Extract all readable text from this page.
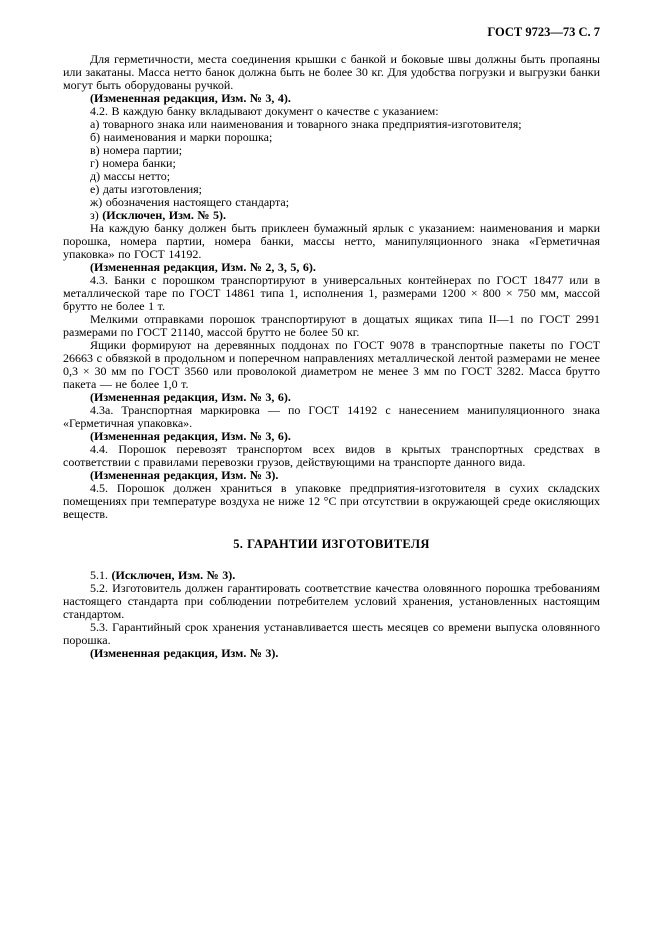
ГОСТ 9723—73 С. 7

Для герметичности, места соединения крышки с банкой и боковые швы должны быть пропаяны или закатаны. Масса нетто банок должна быть не более 30 кг. Для удобства погрузки и выгрузки банки могут быть оборудованы ручкой.

(Измененная редакция, Изм. № 3, 4).

4.2. В каждую банку вкладывают документ о качестве с указанием:

а) товарного знака или наименования и товарного знака предприятия-изготовителя;

б) наименования и марки порошка;

в) номера партии;

г) номера банки;

д) массы нетто;

е) даты изготовления;

ж) обозначения настоящего стандарта;

з) (Исключен, Изм. № 5).

На каждую банку должен быть приклеен бумажный ярлык с указанием: наименования и марки порошка, номера партии, номера банки, массы нетто, манипуляционного знака «Герметичная упаковка» по ГОСТ 14192.

(Измененная редакция, Изм. № 2, 3, 5, 6).

4.3. Банки с порошком транспортируют в универсальных контейнерах по ГОСТ 18477 или в металлической таре по ГОСТ 14861 типа 1, исполнения 1, размерами 1200 × 800 × 750 мм, массой брутто не более 1 т.

Мелкими отправками порошок транспортируют в дощатых ящиках типа II—1 по ГОСТ 2991 размерами по ГОСТ 21140, массой брутто не более 50 кг.

Ящики формируют на деревянных поддонах по ГОСТ 9078 в транспортные пакеты по ГОСТ 26663 с обвязкой в продольном и поперечном направлениях металлической лентой размерами не менее 0,3 × 30 мм по ГОСТ 3560 или проволокой диаметром не менее 3 мм по ГОСТ 3282. Масса брутто пакета — не более 1,0 т.

(Измененная редакция, Изм. № 3, 6).

4.3а. Транспортная маркировка — по ГОСТ 14192 с нанесением манипуляционного знака «Герметичная упаковка».

(Измененная редакция, Изм. № 3, 6).

4.4. Порошок перевозят транспортом всех видов в крытых транспортных средствах в соответствии с правилами перевозки грузов, действующими на транспорте данного вида.

(Измененная редакция, Изм. № 3).

4.5. Порошок должен храниться в упаковке предприятия-изготовителя в сухих складских помещениях при температуре воздуха не ниже 12 °С при отсутствии в окружающей среде окисляющих веществ.

5. ГАРАНТИИ ИЗГОТОВИТЕЛЯ

5.1. (Исключен, Изм. № 3).

5.2. Изготовитель должен гарантировать соответствие качества оловянного порошка требованиям настоящего стандарта при соблюдении потребителем условий хранения, установленных настоящим стандартом.

5.3. Гарантийный срок хранения устанавливается шесть месяцев со времени выпуска оловянного порошка.

(Измененная редакция, Изм. № 3).
